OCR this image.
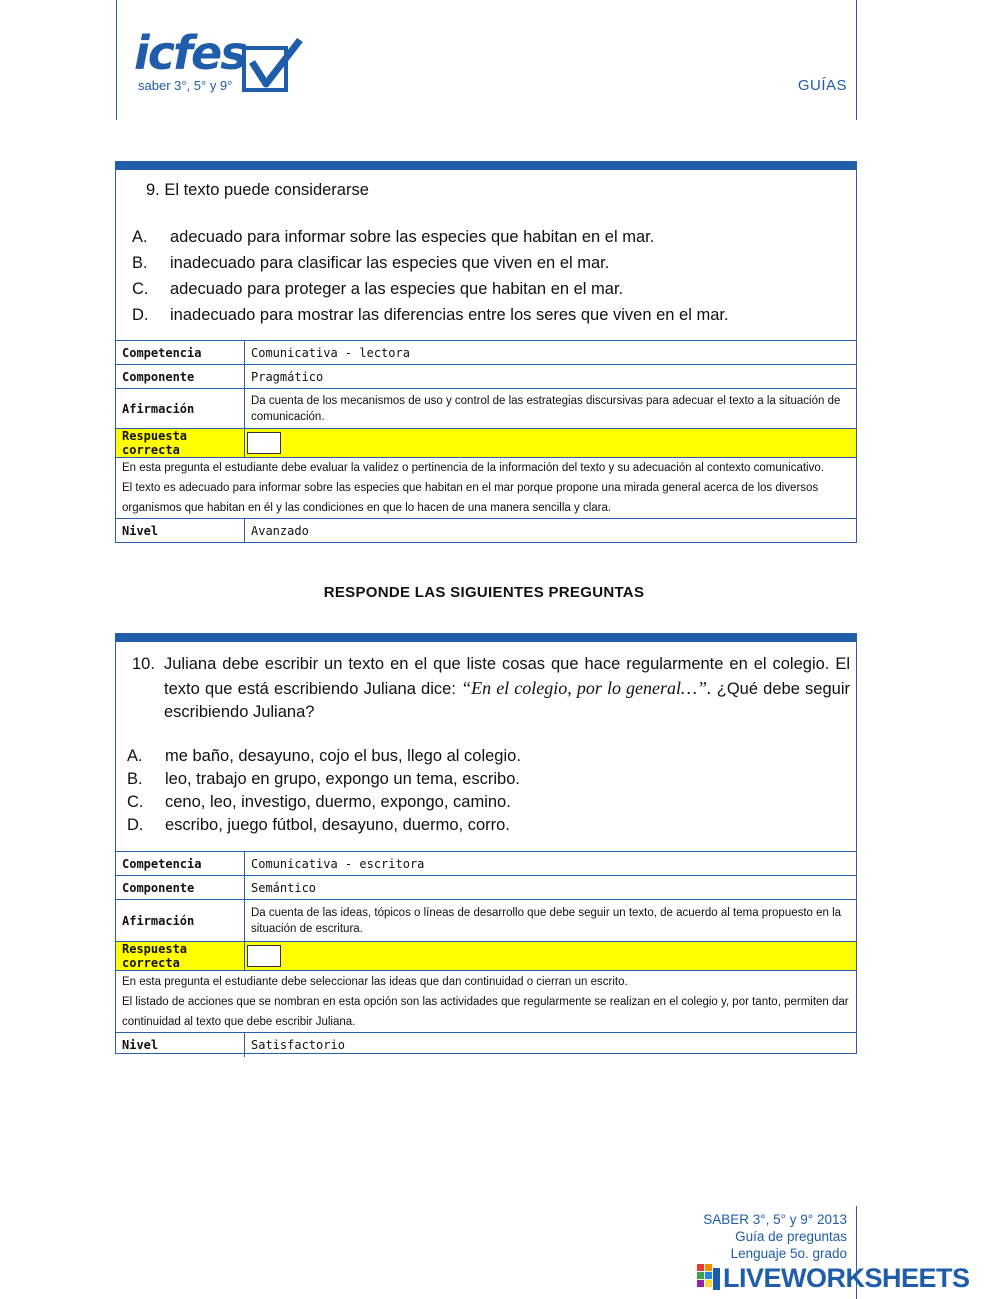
icfes
saber 3°, 5° y 9°	GUÍAS
9. El texto puede considerarse
A. adecuado para informar sobre las especies que habitan en el mar.
B. inadecuado para clasificar las especies que viven en el mar.
C. adecuado para proteger a las especies que habitan en el mar.
D. inadecuado para mostrar las diferencias entre los seres que viven en el mar.
Competencia	Comunicativa - lectora
Componente	Pragmático
Afirmación	Da cuenta de los mecanismos de uso y control de las estrategias discursivas para adecuar el texto a la situación de comunicación.
Respuesta correcta	

En esta pregunta el estudiante debe evaluar la validez o pertinencia de la información del texto y su adecuación al contexto comunicativo.
El texto es adecuado para informar sobre las especies que habitan en el mar porque propone una mirada general acerca de los diversos organismos que habitan en él y las condiciones en que lo hacen de una manera sencilla y clara.	

Nivel	Avanzado
RESPONDE LAS SIGUIENTES PREGUNTAS
10. Juliana debe escribir un texto en el que liste cosas que hace regularmente en el colegio. El texto que está escribiendo Juliana dice: “En el colegio, por lo general…”. ¿Qué debe seguir escribiendo Juliana?
A. me baño, desayuno, cojo el bus, llego al colegio.
B. leo, trabajo en grupo, expongo un tema, escribo.
C. ceno, leo, investigo, duermo, expongo, camino.
D. escribo, juego fútbol, desayuno, duermo, corro.
Competencia	Comunicativa - escritora
Componente	Semántico
Afirmación	Da cuenta de las ideas, tópicos o líneas de desarrollo que debe seguir un texto, de acuerdo al tema propuesto en la situación de escritura.
Respuesta correcta	

En esta pregunta el estudiante debe seleccionar las ideas que dan continuidad o cierran un escrito.
El listado de acciones que se nombran en esta opción son las actividades que regularmente se realizan en el colegio y, por tanto, permiten dar continuidad al texto que debe escribir Juliana.	

Nivel	Satisfactorio
SABER 3°, 5° y 9° 2013
Guía de preguntas
Lenguaje 5o. grado
LIVEWORKSHEETS
